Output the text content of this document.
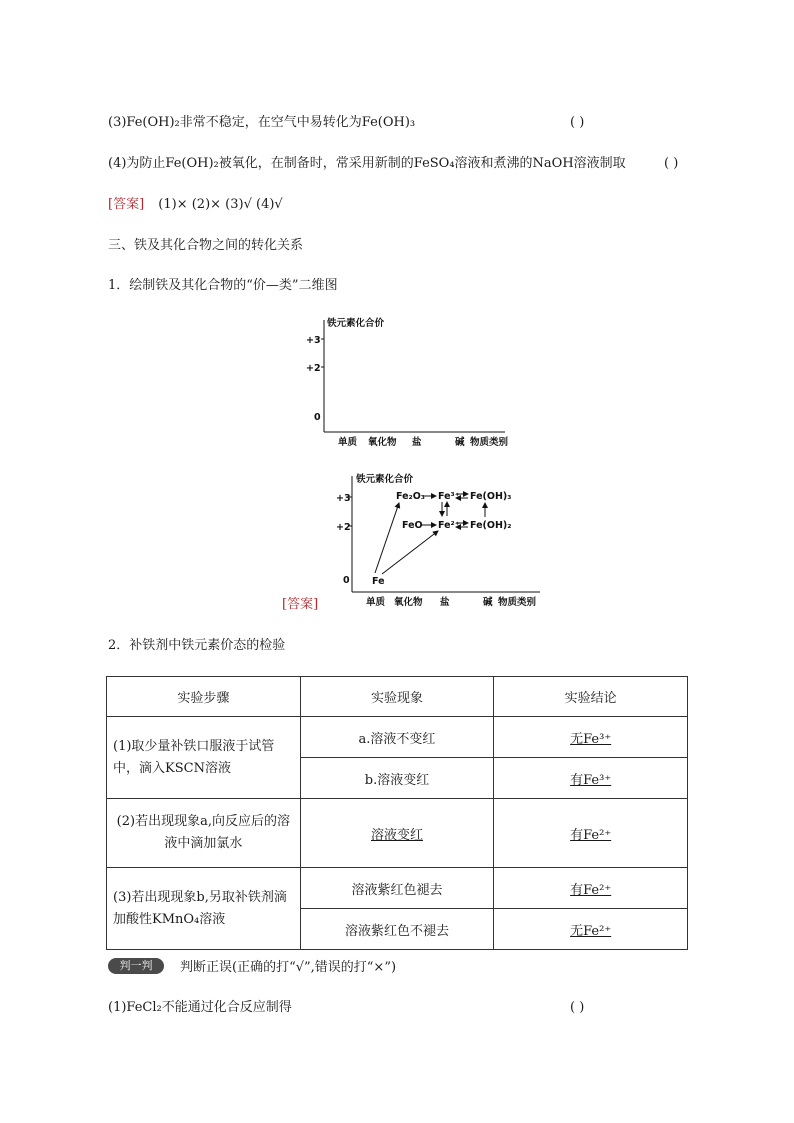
(3)Fe(OH)₂非常不稳定，在空气中易转化为Fe(OH)₃	( )
(4)为防止Fe(OH)₂被氧化，在制备时，常采用新制的FeSO₄溶液和煮沸的NaOH溶液制取	( )
[答案] (1)× (2)× (3)√ (4)√
三、铁及其化合物之间的转化关系
1．绘制铁及其化合物的“价—类”二维图
铁元素化合价
+3
+2
0
单质 氧化物 盐	碱 物质类别
[答案]
铁元素化合价
+3
+2
0
单质 氧化物 盐	碱 物质类别
Fe₂O₃ Fe³⁺ Fe(OH)₃
FeO Fe²⁺ Fe(OH)₂
Fe
2．补铁剂中铁元素价态的检验
实验步骤	实验现象	实验结论
(1)取少量补铁口服液于试管中，滴入KSCN溶液	a.溶液不变红	无Fe³⁺
	b.溶液变红	有Fe³⁺
(2)若出现现象a,向反应后的溶液中滴加氯水	溶液变红	有Fe²⁺
(3)若出现现象b,另取补铁剂滴加酸性KMnO₄溶液	溶液紫红色褪去	有Fe²⁺
	溶液紫红色不褪去	无Fe²⁺
判一判	判断正误(正确的打“√”,错误的打“×”)
(1)FeCl₂不能通过化合反应制得	( )
